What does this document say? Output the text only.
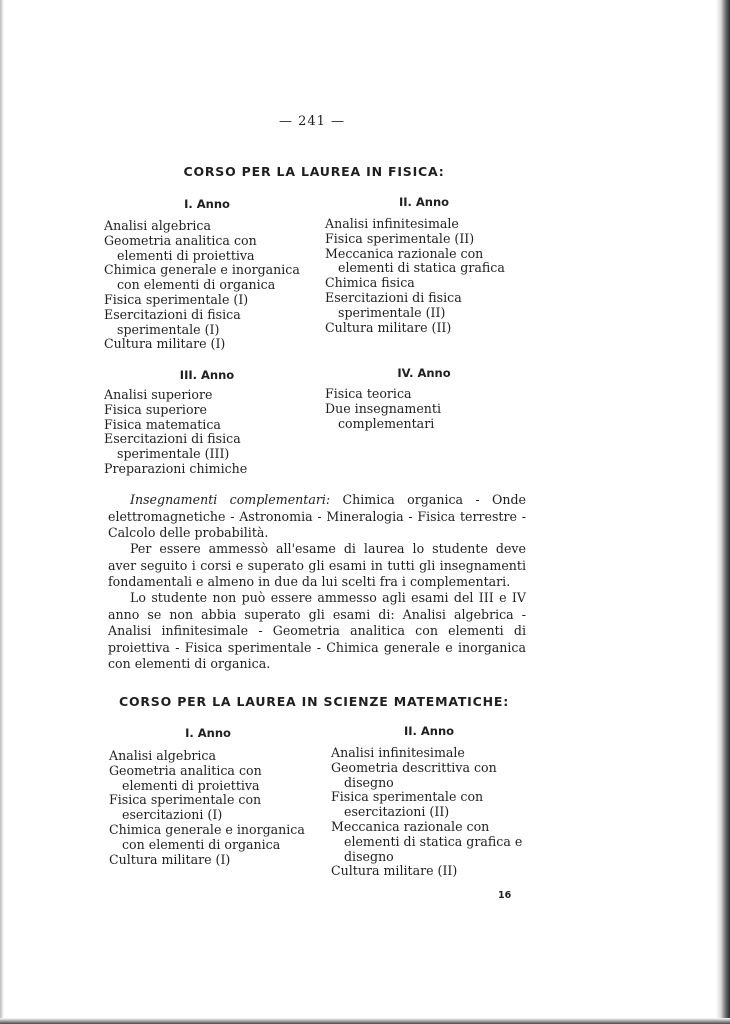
— 241 —
CORSO PER LA LAUREA IN FISICA:
I. Anno
Analisi algebrica
Geometria analitica con elementi di proiettiva
Chimica generale e inorganica con elementi di organica
Fisica sperimentale (I)
Esercitazioni di fisica sperimentale (I)
Cultura militare (I)
II. Anno
Analisi infinitesimale
Fisica sperimentale (II)
Meccanica razionale con elementi di statica grafica
Chimica fisica
Esercitazioni di fisica sperimentale (II)
Cultura militare (II)
III. Anno
Analisi superiore
Fisica superiore
Fisica matematica
Esercitazioni di fisica sperimentale (III)
Preparazioni chimiche
IV. Anno
Fisica teorica
Due insegnamenti complementari
Insegnamenti complementari: Chimica organica - Onde elettromagnetiche - Astronomia - Mineralogia - Fisica terrestre - Calcolo delle probabilità.
Per essere ammessò all'esame di laurea lo studente deve aver seguito i corsi e superato gli esami in tutti gli insegnamenti fondamentali e almeno in due da lui scelti fra i complementari.
Lo studente non può essere ammesso agli esami del III e IV anno se non abbia superato gli esami di: Analisi algebrica - Analisi infinitesimale - Geometria analitica con elementi di proiettiva - Fisica sperimentale - Chimica generale e inorganica con elementi di organica.
CORSO PER LA LAUREA IN SCIENZE MATEMATICHE:
I. Anno
Analisi algebrica
Geometria analitica con elementi di proiettiva
Fisica sperimentale con esercitazioni (I)
Chimica generale e inorganica con elementi di organica
Cultura militare (I)
II. Anno
Analisi infinitesimale
Geometria descrittiva con disegno
Fisica sperimentale con esercitazioni (II)
Meccanica razionale con elementi di statica grafica e disegno
Cultura militare (II)
16
